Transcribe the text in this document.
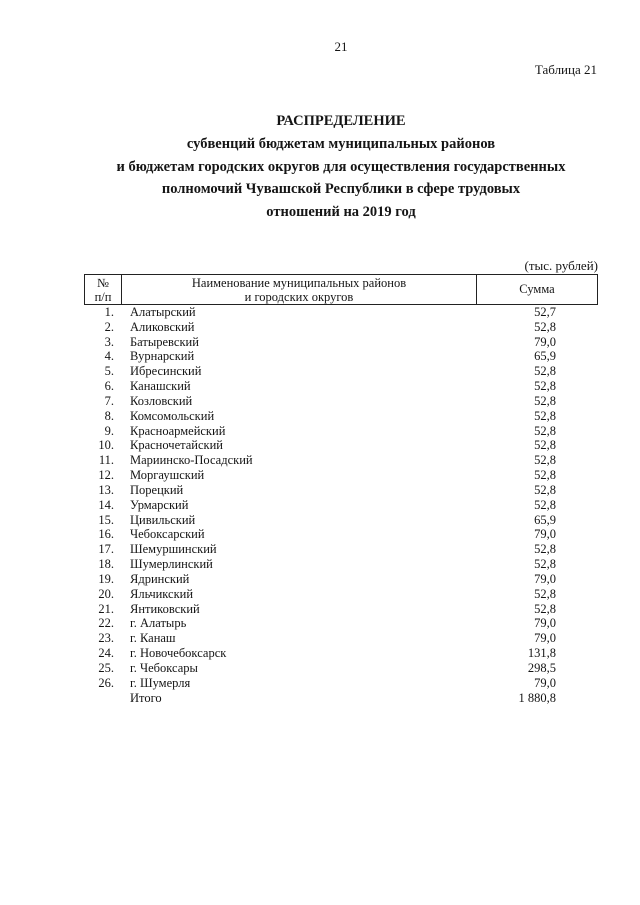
21
Таблица 21
РАСПРЕДЕЛЕНИЕ
субвенций бюджетам муниципальных районов
и бюджетам городских округов для осуществления государственных
полномочий Чувашской Республики в сфере трудовых
отношений на 2019 год
(тыс. рублей)
№
п/п
Наименование муниципальных районов
и городских округов
Сумма
1. Алатырский	52,7
2. Аликовский	52,8
3. Батыревский	79,0
4. Вурнарский	65,9
5. Ибресинский	52,8
6. Канашский	52,8
7. Козловский	52,8
8. Комсомольский	52,8
9. Красноармейский	52,8
10. Красночетайский	52,8
11. Мариинско-Посадский	52,8
12. Моргаушский	52,8
13. Порецкий	52,8
14. Урмарский	52,8
15. Цивильский	65,9
16. Чебоксарский	79,0
17. Шемуршинский	52,8
18. Шумерлинский	52,8
19. Ядринский	79,0
20. Яльчикский	52,8
21. Янтиковский	52,8
22. г. Алатырь	79,0
23. г. Канаш	79,0
24. г. Новочебоксарск	131,8
25. г. Чебоксары	298,5
26. г. Шумерля	79,0
Итого	1 880,8
